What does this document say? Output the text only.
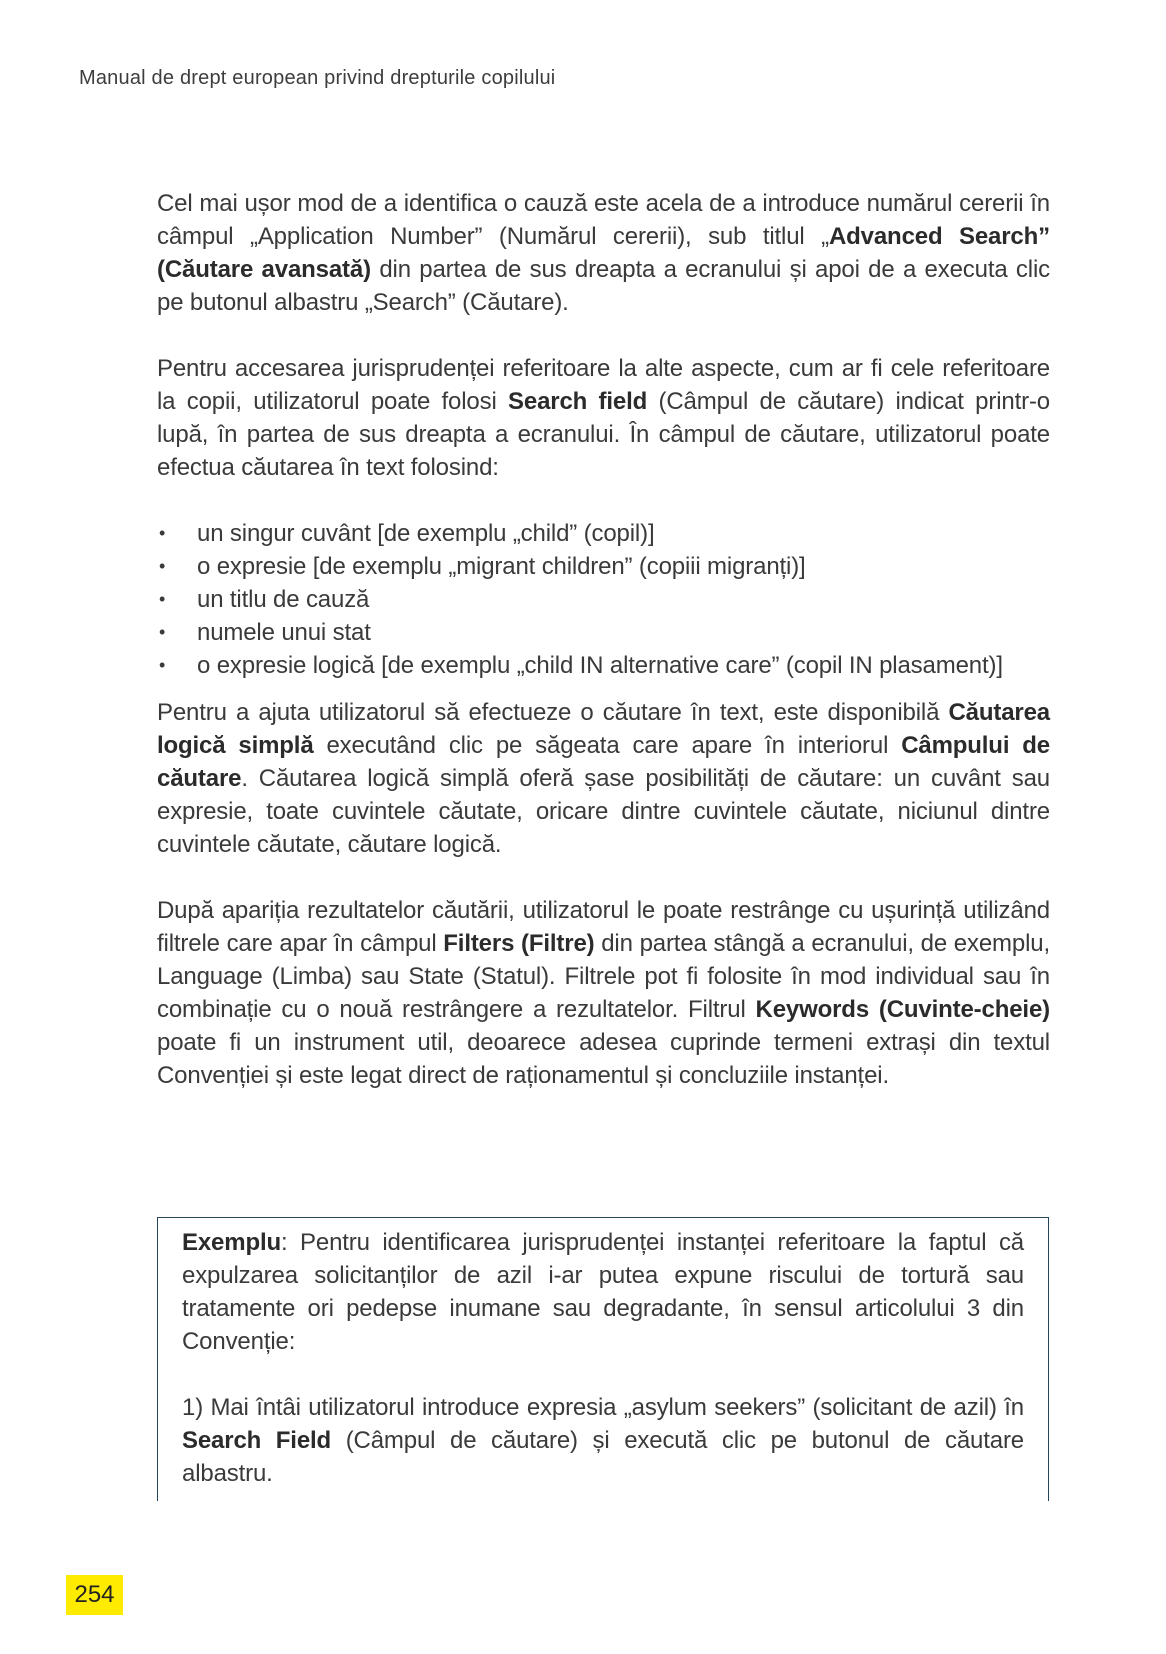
Manual de drept european privind drepturile copilului

Cel mai ușor mod de a identifica o cauză este acela de a introduce numărul cererii în câmpul „Application Number” (Numărul cererii), sub titlul „Advanced Search” (Căutare avansată) din partea de sus dreapta a ecranului și apoi de a executa clic pe butonul albastru „Search” (Căutare).

Pentru accesarea jurisprudenței referitoare la alte aspecte, cum ar fi cele referitoare la copii, utilizatorul poate folosi Search field (Câmpul de căutare) indicat printr-o lupă, în partea de sus dreapta a ecranului. În câmpul de căutare, utilizatorul poate efectua căutarea în text folosind:

• un singur cuvânt [de exemplu „child” (copil)]
• o expresie [de exemplu „migrant children” (copiii migranți)]
• un titlu de cauză
• numele unui stat
• o expresie logică [de exemplu „child IN alternative care” (copil IN plasament)]

Pentru a ajuta utilizatorul să efectueze o căutare în text, este disponibilă Căutarea logică simplă executând clic pe săgeata care apare în interiorul Câmpului de căutare. Căutarea logică simplă oferă șase posibilități de căutare: un cuvânt sau expresie, toate cuvintele căutate, oricare dintre cuvintele căutate, niciunul dintre cuvintele căutate, căutare logică.

După apariția rezultatelor căutării, utilizatorul le poate restrânge cu ușurință utilizând filtrele care apar în câmpul Filters (Filtre) din partea stângă a ecranului, de exemplu, Language (Limba) sau State (Statul). Filtrele pot fi folosite în mod individual sau în combinație cu o nouă restrângere a rezultatelor. Filtrul Keywords (Cuvinte-cheie) poate fi un instrument util, deoarece adesea cuprinde termeni extrași din textul Convenției și este legat direct de raționamentul și concluziile instanței.

Exemplu: Pentru identificarea jurisprudenței instanței referitoare la faptul că expulzarea solicitanților de azil i-ar putea expune riscului de tortură sau tratamente ori pedepse inumane sau degradante, în sensul articolului 3 din Convenție:

1) Mai întâi utilizatorul introduce expresia „asylum seekers” (solicitant de azil) în Search Field (Câmpul de căutare) și execută clic pe butonul de căutare albastru.

254
